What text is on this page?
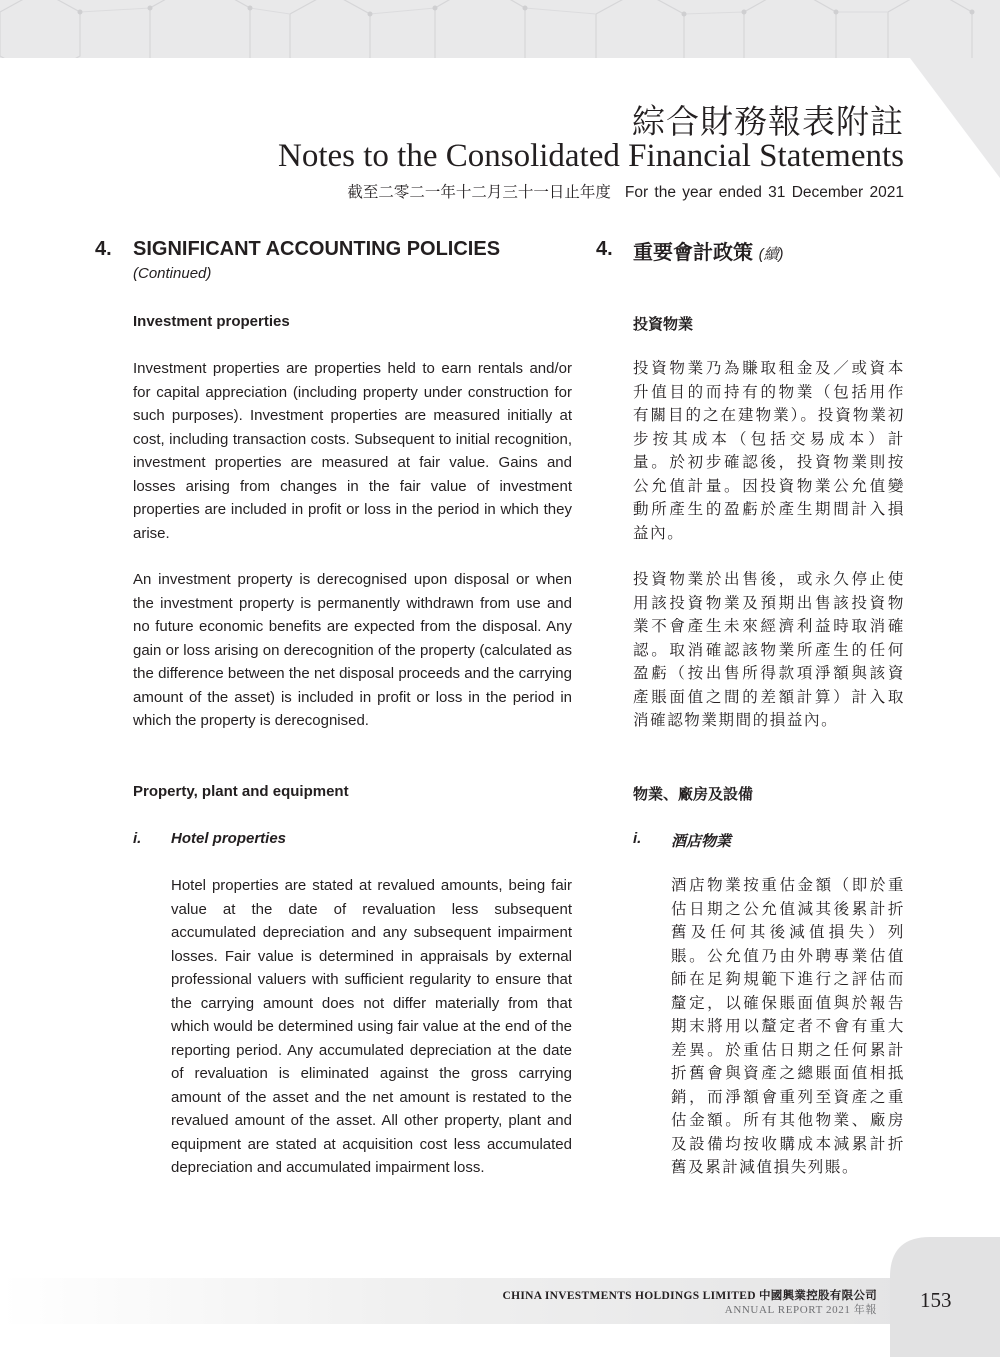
綜合財務報表附註
Notes to the Consolidated Financial Statements
截至二零二一年十二月三十一日止年度 For the year ended 31 December 2021
4. SIGNIFICANT ACCOUNTING POLICIES
(Continued)
Investment properties
Investment properties are properties held to earn rentals and/or for capital appreciation (including property under construction for such purposes). Investment properties are measured initially at cost, including transaction costs. Subsequent to initial recognition, investment properties are measured at fair value. Gains and losses arising from changes in the fair value of investment properties are included in profit or loss in the period in which they arise.
An investment property is derecognised upon disposal or when the investment property is permanently withdrawn from use and no future economic benefits are expected from the disposal. Any gain or loss arising on derecognition of the property (calculated as the difference between the net disposal proceeds and the carrying amount of the asset) is included in profit or loss in the period in which the property is derecognised.
Property, plant and equipment
i. Hotel properties
Hotel properties are stated at revalued amounts, being fair value at the date of revaluation less subsequent accumulated depreciation and any subsequent impairment losses. Fair value is determined in appraisals by external professional valuers with sufficient regularity to ensure that the carrying amount does not differ materially from that which would be determined using fair value at the end of the reporting period. Any accumulated depreciation at the date of revaluation is eliminated against the gross carrying amount of the asset and the net amount is restated to the revalued amount of the asset. All other property, plant and equipment are stated at acquisition cost less accumulated depreciation and accumulated impairment loss.
4. 重要會計政策 (續)
投資物業
投資物業乃為賺取租金及／或資本升值目的而持有的物業（包括用作有關目的之在建物業）。投資物業初步按其成本（包括交易成本）計量。於初步確認後，投資物業則按公允值計量。因投資物業公允值變動所產生的盈虧於產生期間計入損益內。
投資物業於出售後，或永久停止使用該投資物業及預期出售該投資物業不會產生未來經濟利益時取消確認。取消確認該物業所產生的任何盈虧（按出售所得款項淨額與該資產賬面值之間的差額計算）計入取消確認物業期間的損益內。
物業、廠房及設備
i. 酒店物業
酒店物業按重估金額（即於重估日期之公允值減其後累計折舊及任何其後減值損失）列賬。公允值乃由外聘專業估值師在足夠規範下進行之評估而釐定，以確保賬面值與於報告期末將用以釐定者不會有重大差異。於重估日期之任何累計折舊會與資產之總賬面值相抵銷，而淨額會重列至資產之重估金額。所有其他物業、廠房及設備均按收購成本減累計折舊及累計減值損失列賬。
CHINA INVESTMENTS HOLDINGS LIMITED 中國興業控股有限公司
ANNUAL REPORT 2021 年報 153
